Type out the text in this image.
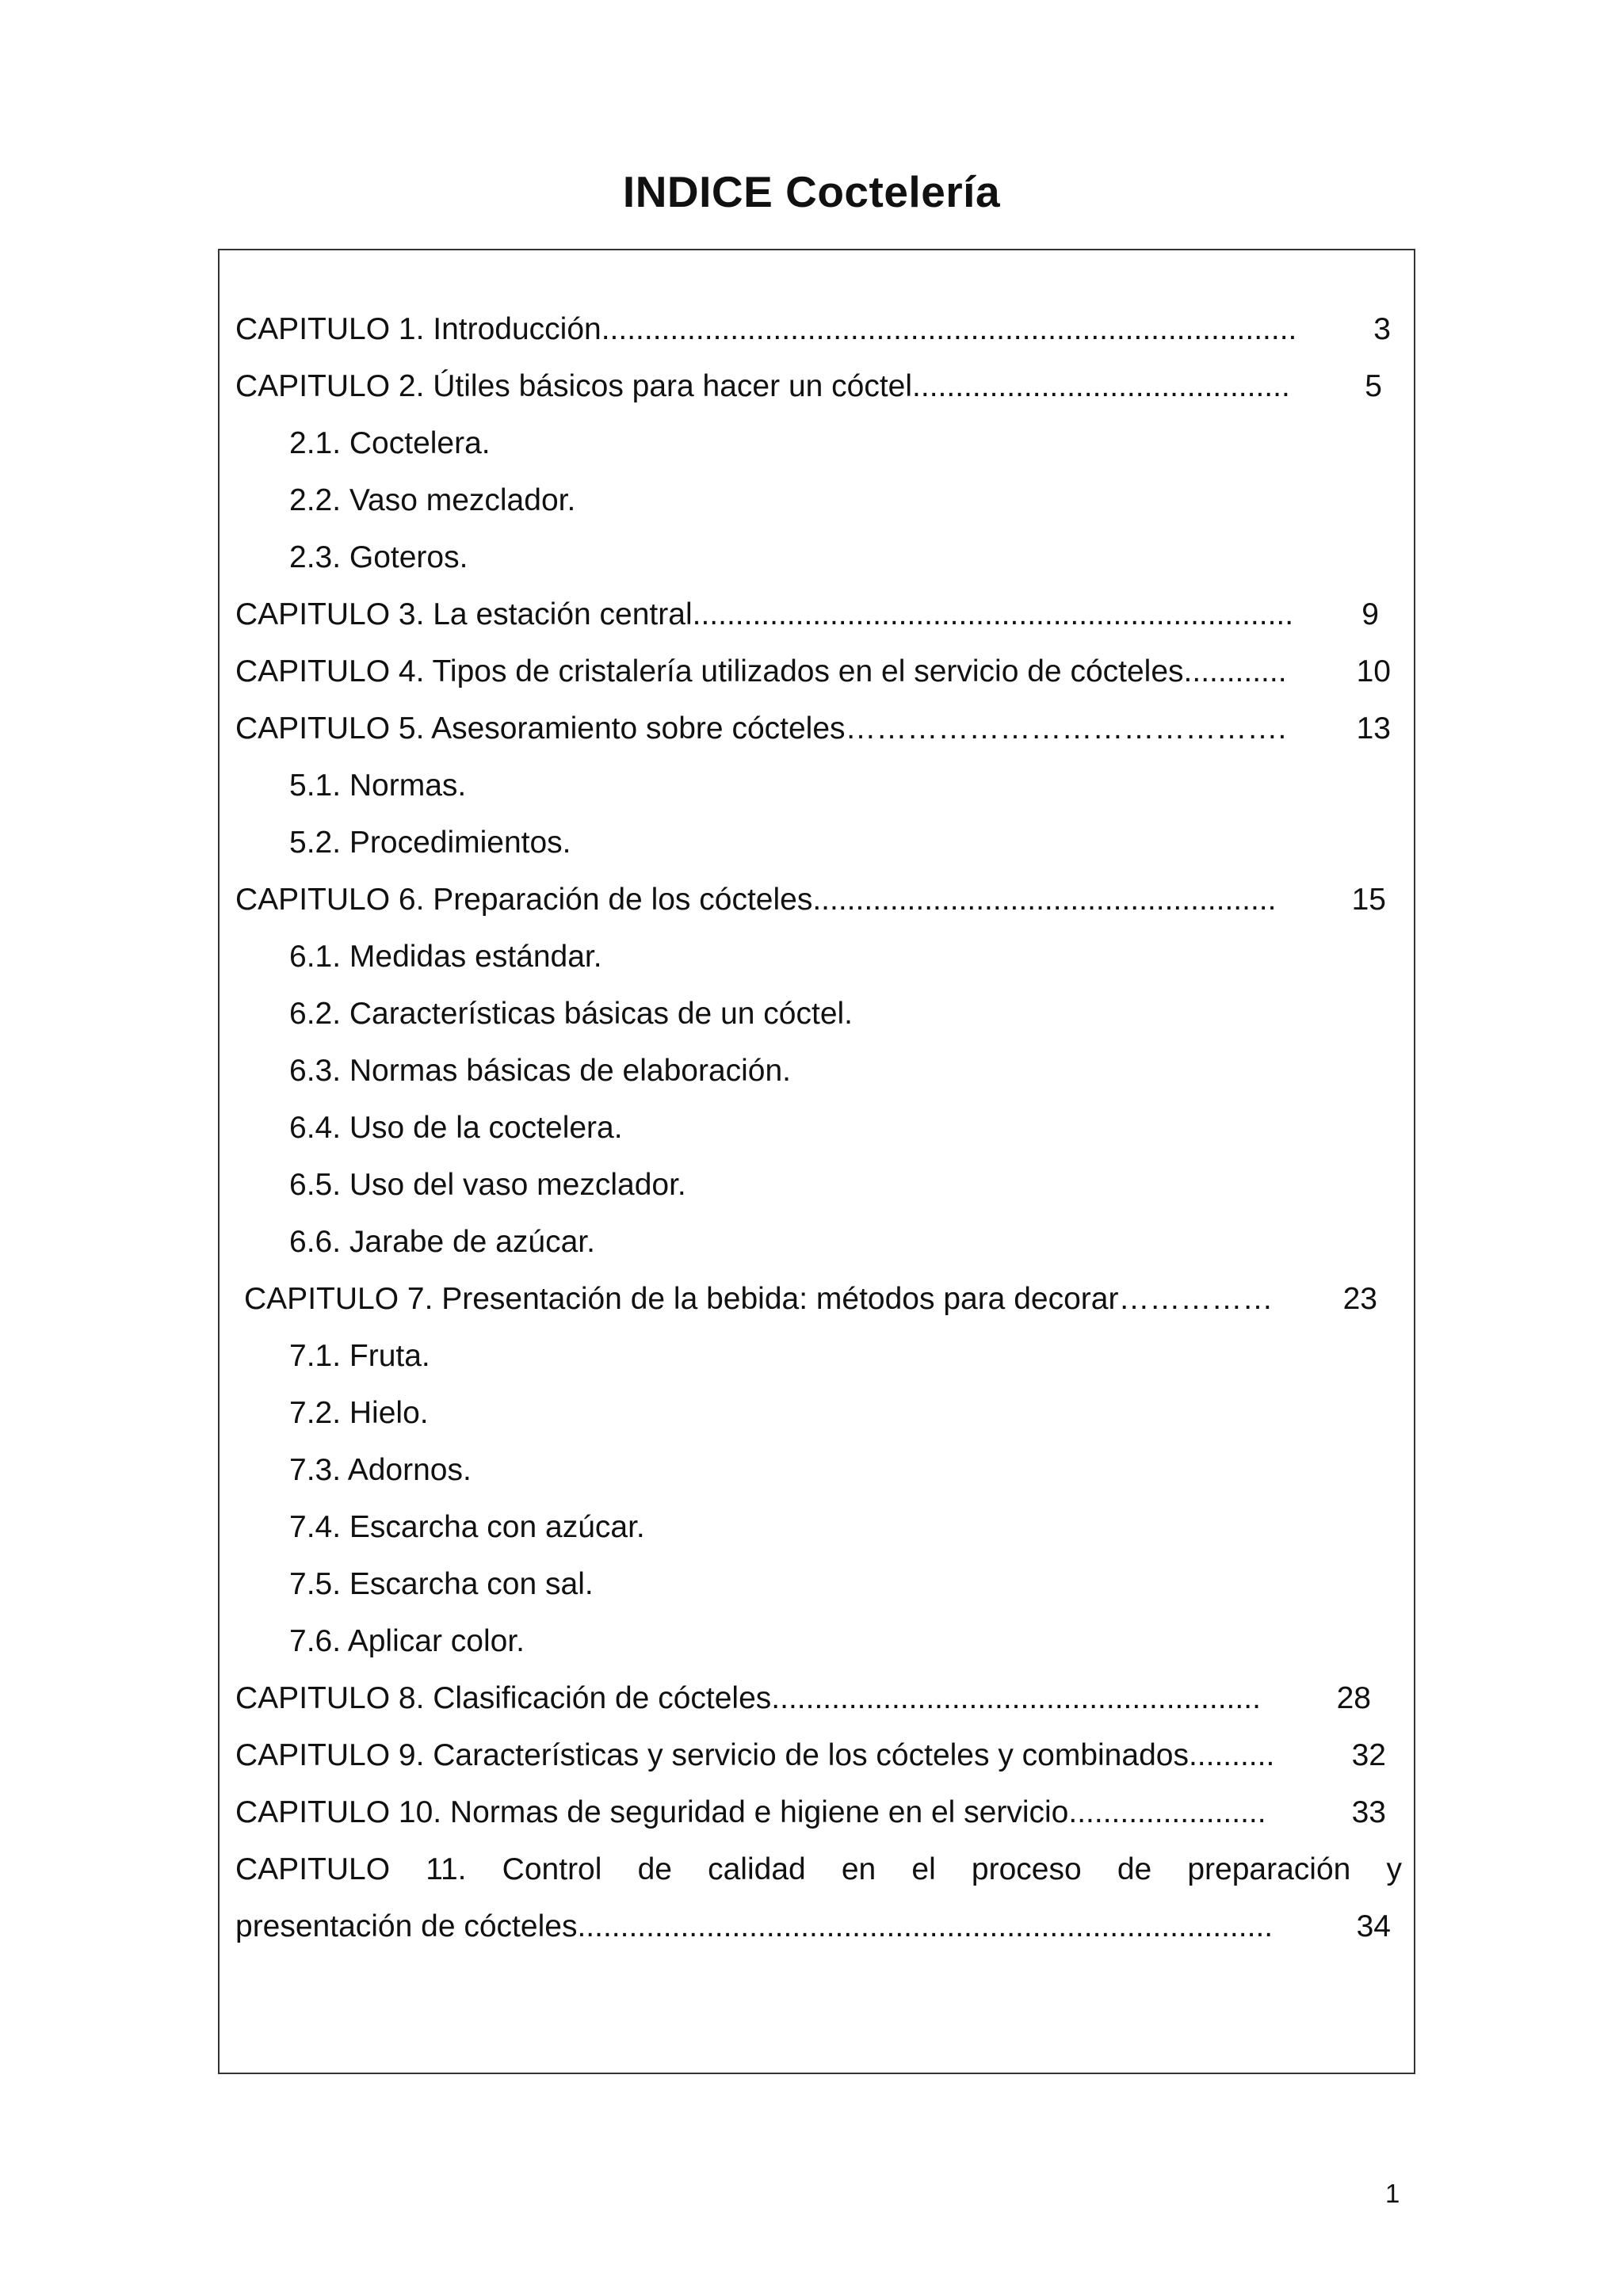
INDICE Coctelería
CAPITULO 1. Introducción .................................................................................	3
CAPITULO 2. Útiles básicos para hacer un cóctel ............................................	5
2.1. Coctelera.
2.2. Vaso mezclador.
2.3. Goteros.
CAPITULO 3. La estación central ......................................................................	9
CAPITULO 4. Tipos de cristalería utilizados en el servicio de cócteles ............	10
CAPITULO 5. Asesoramiento sobre cócteles …………………………………….	13
5.1. Normas.
5.2. Procedimientos.
CAPITULO 6. Preparación de los cócteles ......................................................	15
6.1. Medidas estándar.
6.2. Características básicas de un cóctel.
6.3. Normas básicas de elaboración.
6.4. Uso de la coctelera.
6.5. Uso del vaso mezclador.
6.6. Jarabe de azúcar.
CAPITULO 7. Presentación de la bebida: métodos para decorar ……………	23
7.1. Fruta.
7.2. Hielo.
7.3. Adornos.
7.4. Escarcha con azúcar.
7.5. Escarcha con sal.
7.6. Aplicar color.
CAPITULO 8. Clasificación de cócteles .........................................................	28
CAPITULO 9. Características y servicio de los cócteles y combinados ..........	32
CAPITULO 10. Normas de seguridad e higiene en el servicio .......................	33
CAPITULO 11. Control de calidad en el proceso de preparación y
presentación de cócteles .................................................................................	34
1
